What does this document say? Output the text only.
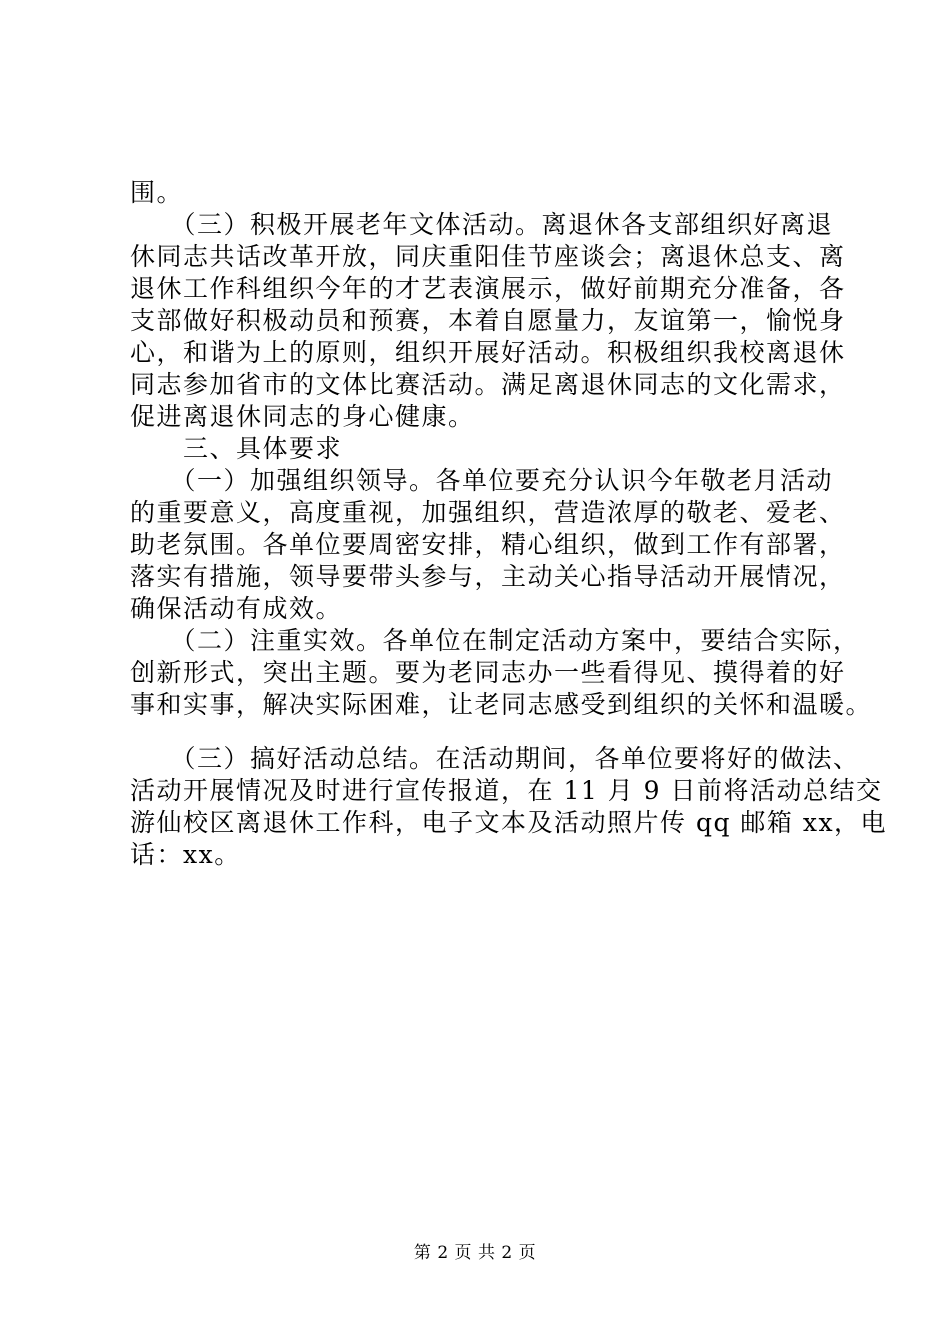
围。
　　（三）积极开展老年文体活动。离退休各支部组织好离退
休同志共话改革开放，同庆重阳佳节座谈会；离退休总支、离
退休工作科组织今年的才艺表演展示，做好前期充分准备，各
支部做好积极动员和预赛，本着自愿量力，友谊第一，愉悦身
心，和谐为上的原则，组织开展好活动。积极组织我校离退休
同志参加省市的文体比赛活动。满足离退休同志的文化需求，
促进离退休同志的身心健康。
　　三、具体要求
　　（一）加强组织领导。各单位要充分认识今年敬老月活动
的重要意义，高度重视，加强组织，营造浓厚的敬老、爱老、
助老氛围。各单位要周密安排，精心组织，做到工作有部署，
落实有措施，领导要带头参与，主动关心指导活动开展情况，
确保活动有成效。
　　（二）注重实效。各单位在制定活动方案中，要结合实际，
创新形式，突出主题。要为老同志办一些看得见、摸得着的好
事和实事，解决实际困难，让老同志感受到组织的关怀和温暖。
　　（三）搞好活动总结。在活动期间，各单位要将好的做法、
活动开展情况及时进行宣传报道，在 11 月 9 日前将活动总结交
游仙校区离退休工作科，电子文本及活动照片传 qq 邮箱 xx，电
话：xx。
第 2 页 共 2 页
